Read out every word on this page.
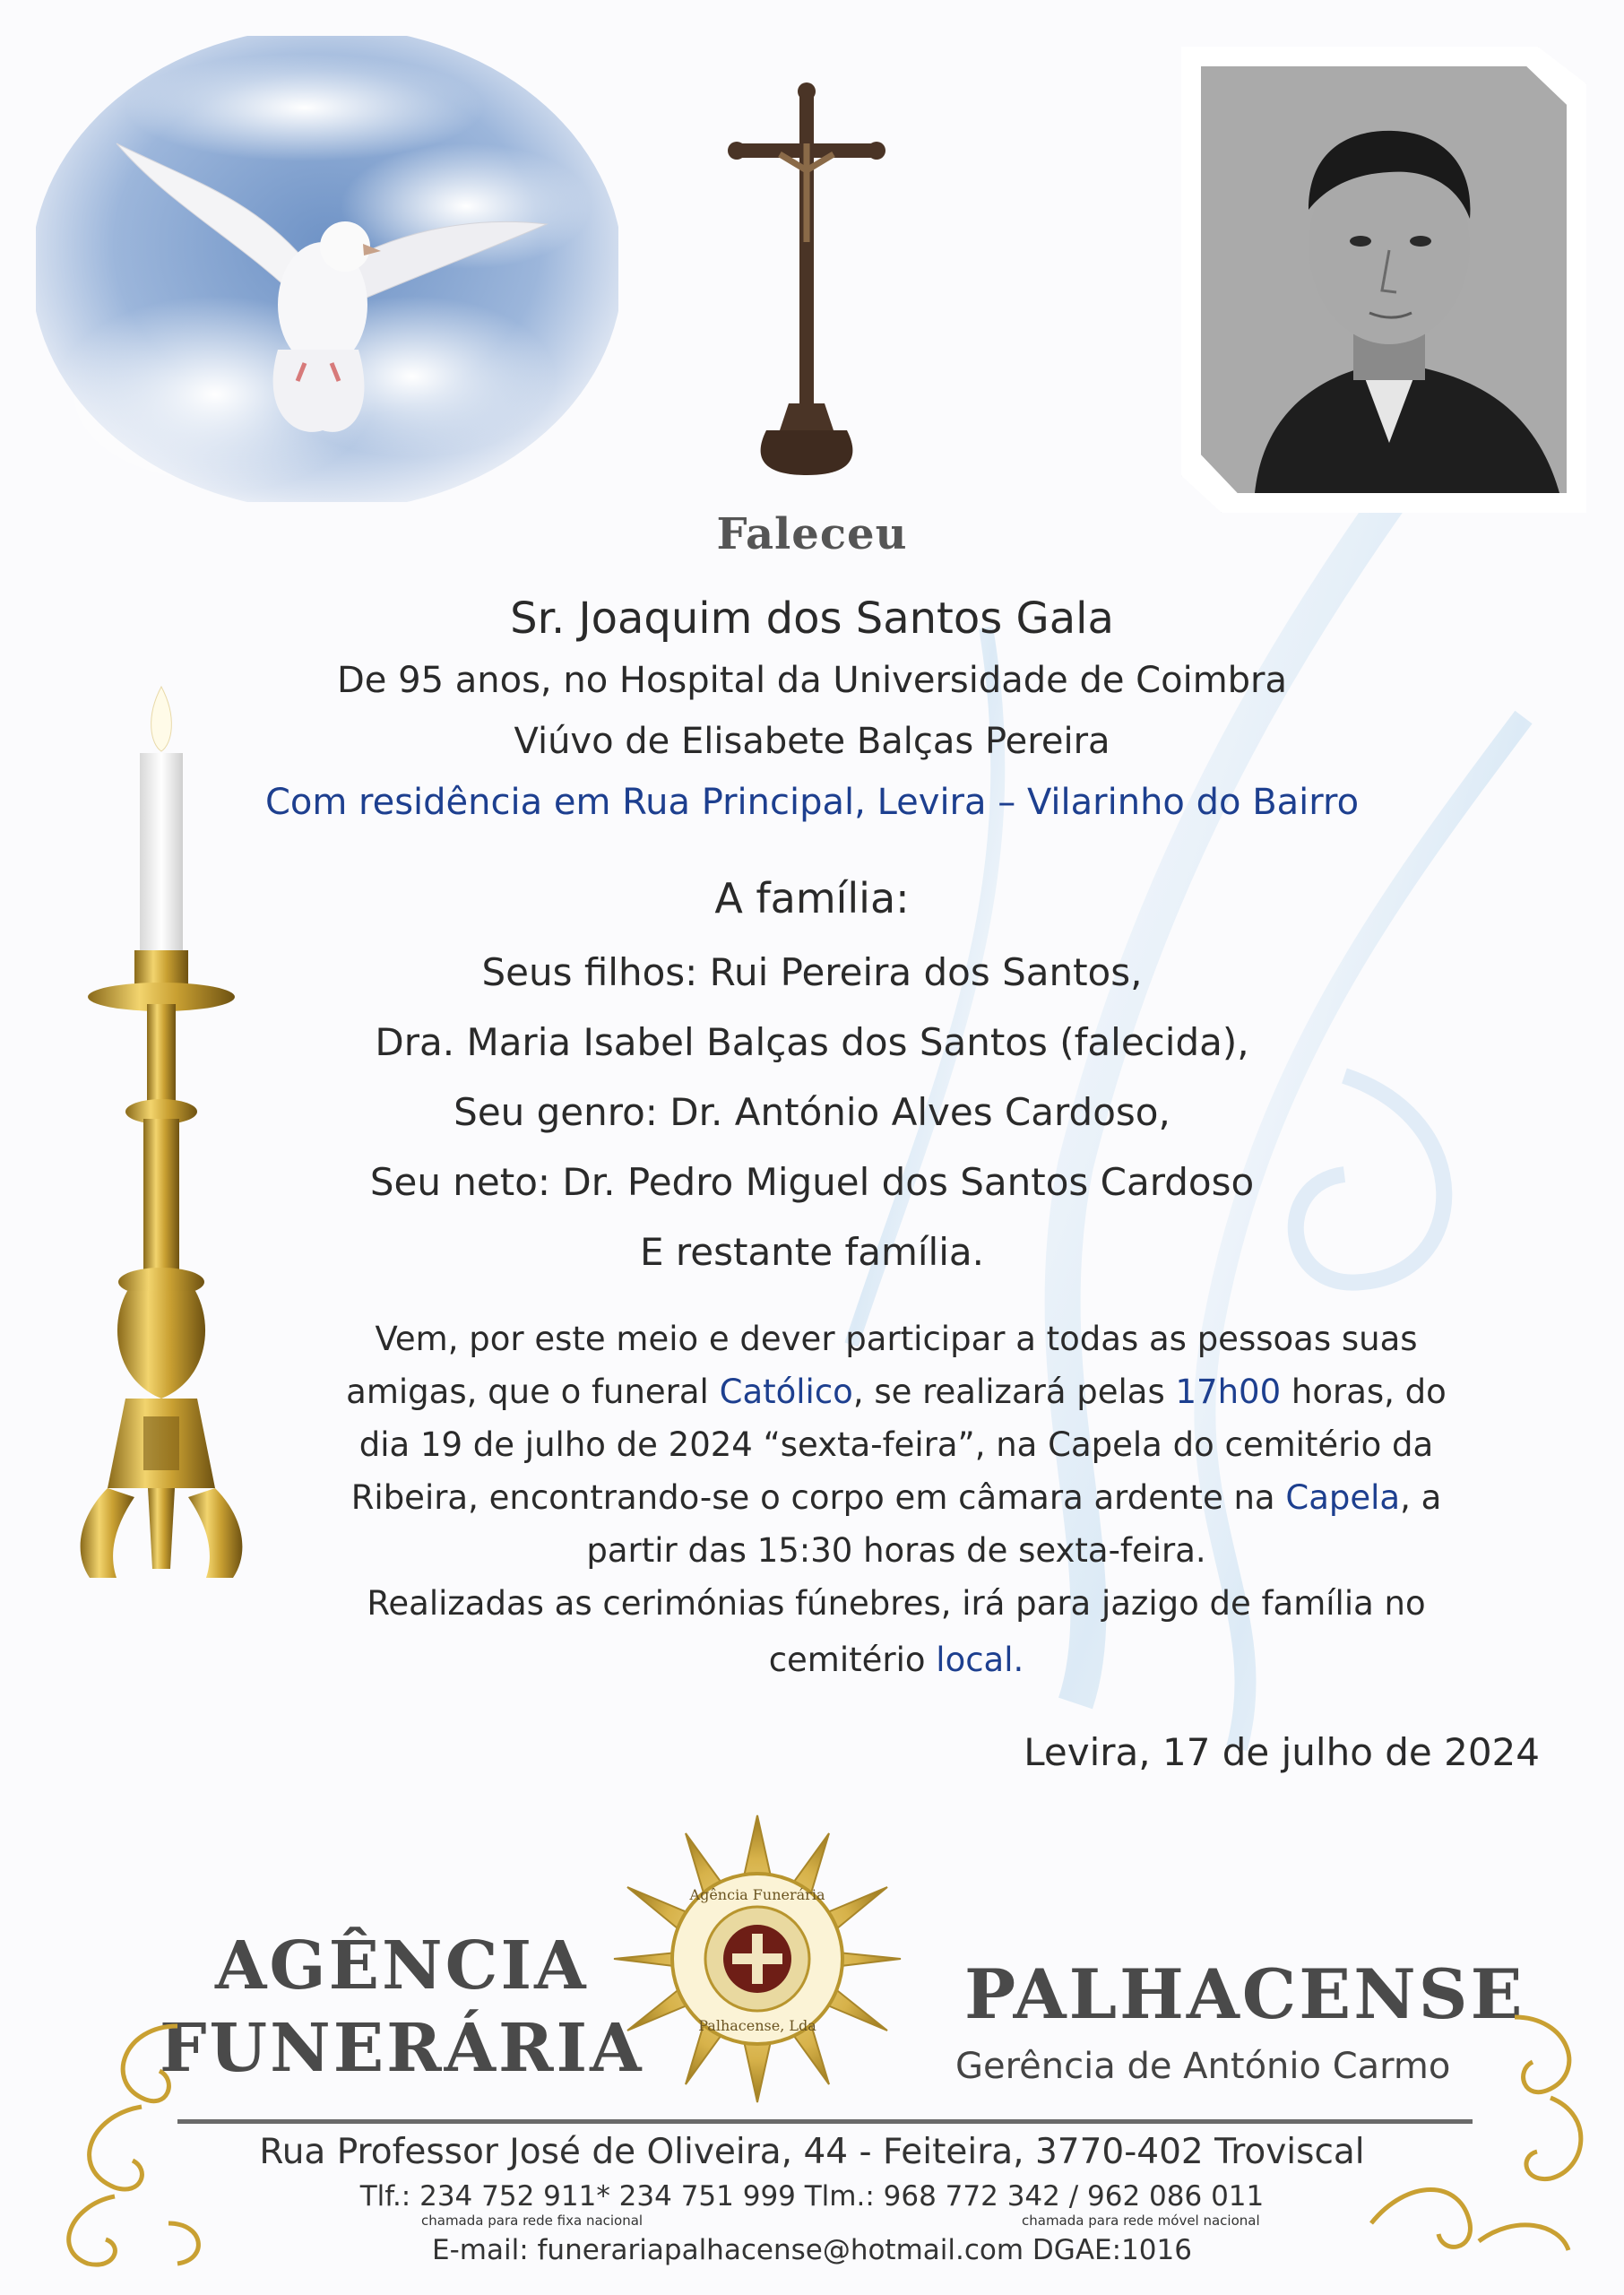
Faleceu
Sr. Joaquim dos Santos Gala
De 95 anos, no Hospital da Universidade de Coimbra
Viúvo de Elisabete Balças Pereira
Com residência em Rua Principal, Levira – Vilarinho do Bairro
A família:
Seus filhos: Rui Pereira dos Santos,
Dra. Maria Isabel Balças dos Santos (falecida),
Seu genro: Dr. António Alves Cardoso,
Seu neto: Dr. Pedro Miguel dos Santos Cardoso
E restante família.
Vem, por este meio e dever participar a todas as pessoas suas
amigas, que o funeral Católico, se realizará pelas 17h00 horas, do
dia 19 de julho de 2024 “sexta-feira”, na Capela do cemitério da
Ribeira, encontrando-se o corpo em câmara ardente na Capela, a
partir das 15:30 horas de sexta-feira.
Realizadas as cerimónias fúnebres, irá para jazigo de família no
cemitério local.
Levira, 17 de julho de 2024
AGÊNCIA
FUNERÁRIA
PALHACENSE
Gerência de António Carmo
Agência Funerária
Palhacense, Lda
Rua Professor José de Oliveira, 44 - Feiteira, 3770-402 Troviscal
Tlf.: 234 752 911* 234 751 999 Tlm.: 968 772 342 / 962 086 011
chamada para rede fixa nacional	chamada para rede móvel nacional
E-mail: funerariapalhacense@hotmail.com DGAE:1016
